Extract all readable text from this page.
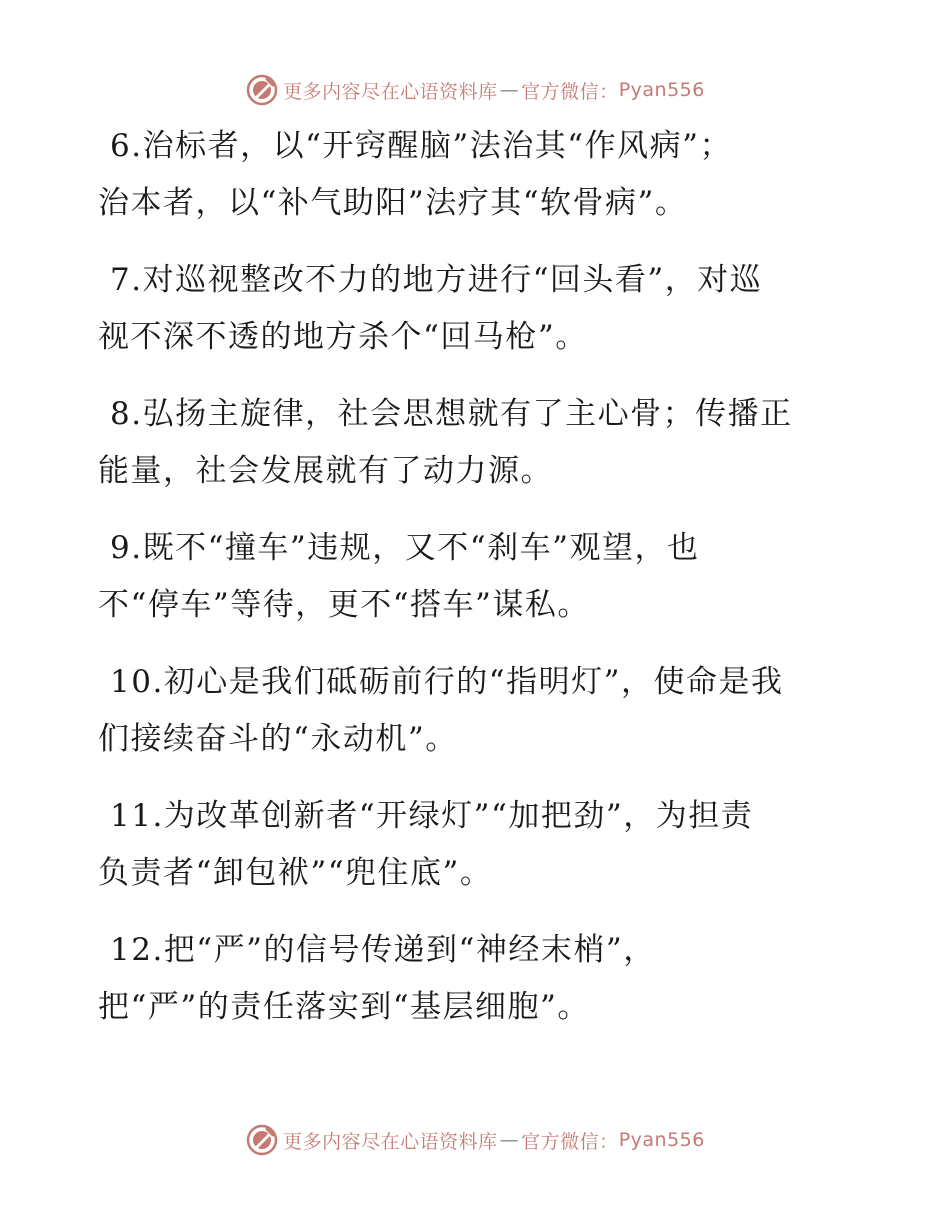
更多内容尽在心语资料库 — 官方微信： Pyan556
6.治标者，以“开窍醒脑”法治其“作风病”；
治本者，以“补气助阳”法疗其“软骨病”。
7.对巡视整改不力的地方进行“回头看”，对巡
视不深不透的地方杀个“回马枪”。
8.弘扬主旋律，社会思想就有了主心骨；传播正
能量，社会发展就有了动力源。
9.既不“撞车”违规，又不“刹车”观望，也
不“停车”等待，更不“搭车”谋私。
10.初心是我们砥砺前行的“指明灯”，使命是我
们接续奋斗的“永动机”。
11.为改革创新者“开绿灯”“加把劲”，为担责
负责者“卸包袱”“兜住底”。
12.把“严”的信号传递到“神经末梢”，
把“严”的责任落实到“基层细胞”。
更多内容尽在心语资料库 — 官方微信： Pyan556
